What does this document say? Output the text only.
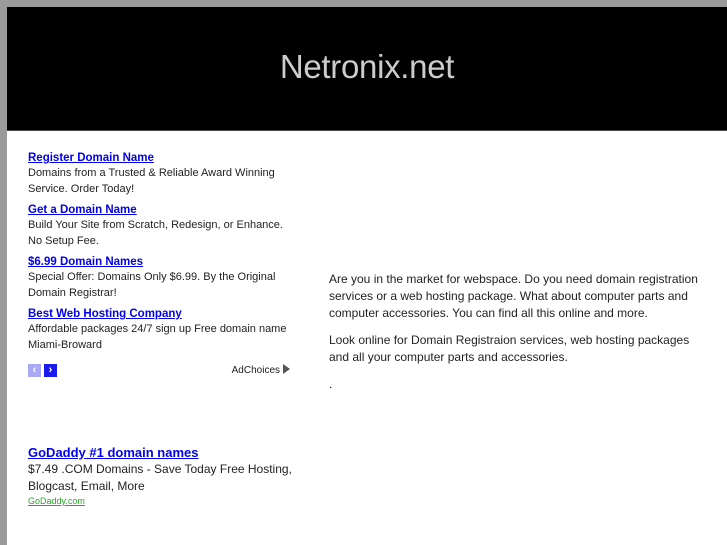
Netronix.net
Register Domain Name
Domains from a Trusted & Reliable Award Winning Service. Order Today!
Get a Domain Name
Build Your Site from Scratch, Redesign, or Enhance. No Setup Fee.
$6.99 Domain Names
Special Offer: Domains Only $6.99. By the Original Domain Registrar!
Best Web Hosting Company
Affordable packages 24/7 sign up Free domain name Miami-Broward
‹	›	AdChoices
GoDaddy #1 domain names
$7.49 .COM Domains - Save Today Free Hosting, Blogcast, Email, More
GoDaddy.com

Are you in the market for webspace. Do you need domain registration services or a web hosting package. What about computer parts and computer accessories. You can find all this online and more.

Look online for Domain Registraion services, web hosting packages and all your computer parts and accessories.

.
